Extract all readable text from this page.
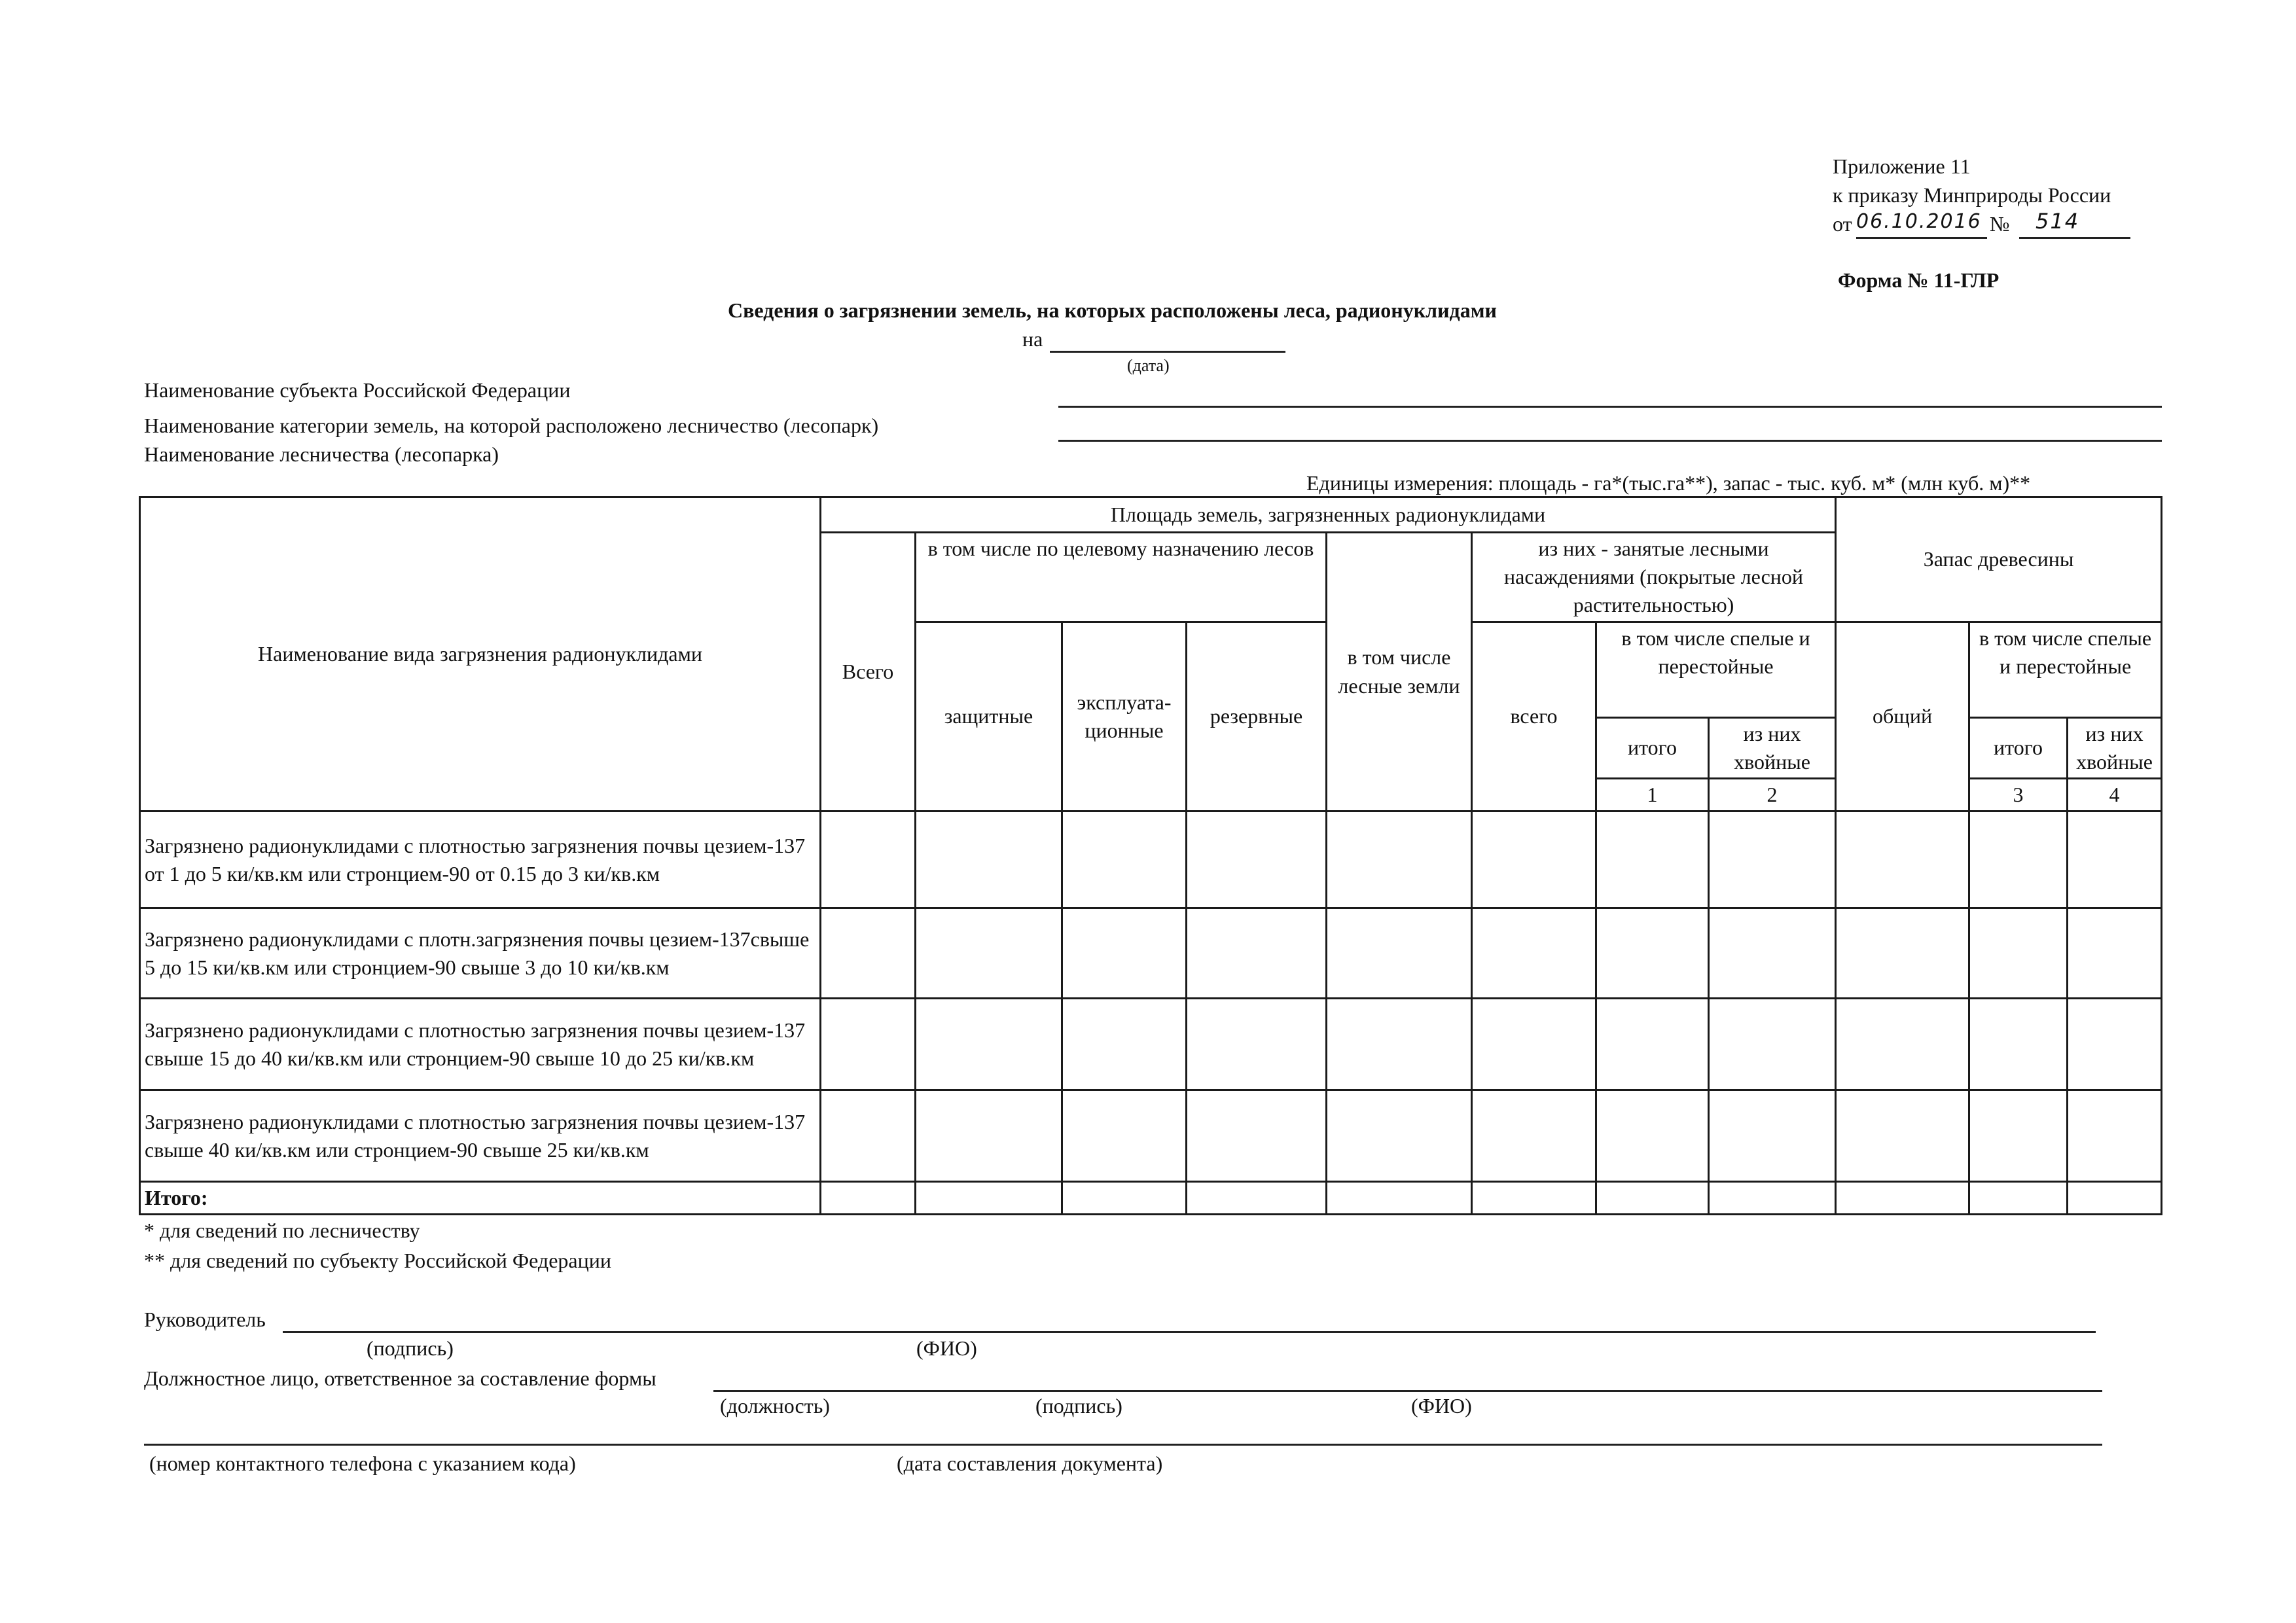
Приложение 11
к приказу Минприроды России
от 06.10.2016 № 514
Форма № 11-ГЛР
Сведения о загрязнении земель, на которых расположены леса, радионуклидами
на
(дата)
Наименование субъекта Российской Федерации
Наименование категории земель, на которой расположено лесничество (лесопарк)
Наименование лесничества (лесопарка)
Единицы измерения: площадь - га*(тыс.га**), запас - тыс. куб. м* (млн куб. м)**
Наименование вида загрязнения радионуклидами	Площадь земель, загрязненных радионуклидами								Запас древесины			
	Всего	в том числе по целевому назначению лесов			в том числе лесные земли	из них - занятые лесными насаждениями (покрытые лесной растительностью)						
		защитные	эксплуата-ционные	резервные		всего	в том числе спелые и перестойные		общий	в том числе спелые и перестойные		
							итого	из них хвойные		итого	из них хвойные	
							1	2		3	4								
Загрязнено радионуклидами с плотностью загрязнения почвы цезием-137 от 1 до 5 ки/кв.км или стронцием-90 от 0.15 до 3 ки/кв.км												
Загрязнено радионуклидами с плотн.загрязнения почвы цезием-137свыше 5 до 15 ки/кв.км или стронцием-90 свыше 3 до 10 ки/кв.км												
Загрязнено радионуклидами с плотностью загрязнения почвы цезием-137 свыше 15 до 40 ки/кв.км или стронцием-90 свыше 10 до 25 ки/кв.км												
Загрязнено радионуклидами с плотностью загрязнения почвы цезием-137 свыше 40 ки/кв.км или стронцием-90 свыше 25 ки/кв.км												
Итого:												
* для сведений по лесничеству
** для сведений по субъекту Российской Федерации
Руководитель
(подпись)	(ФИО)
Должностное лицо, ответственное за составление формы
(должность)	(подпись)	(ФИО)
(номер контактного телефона с указанием кода)	(дата составления документа)
